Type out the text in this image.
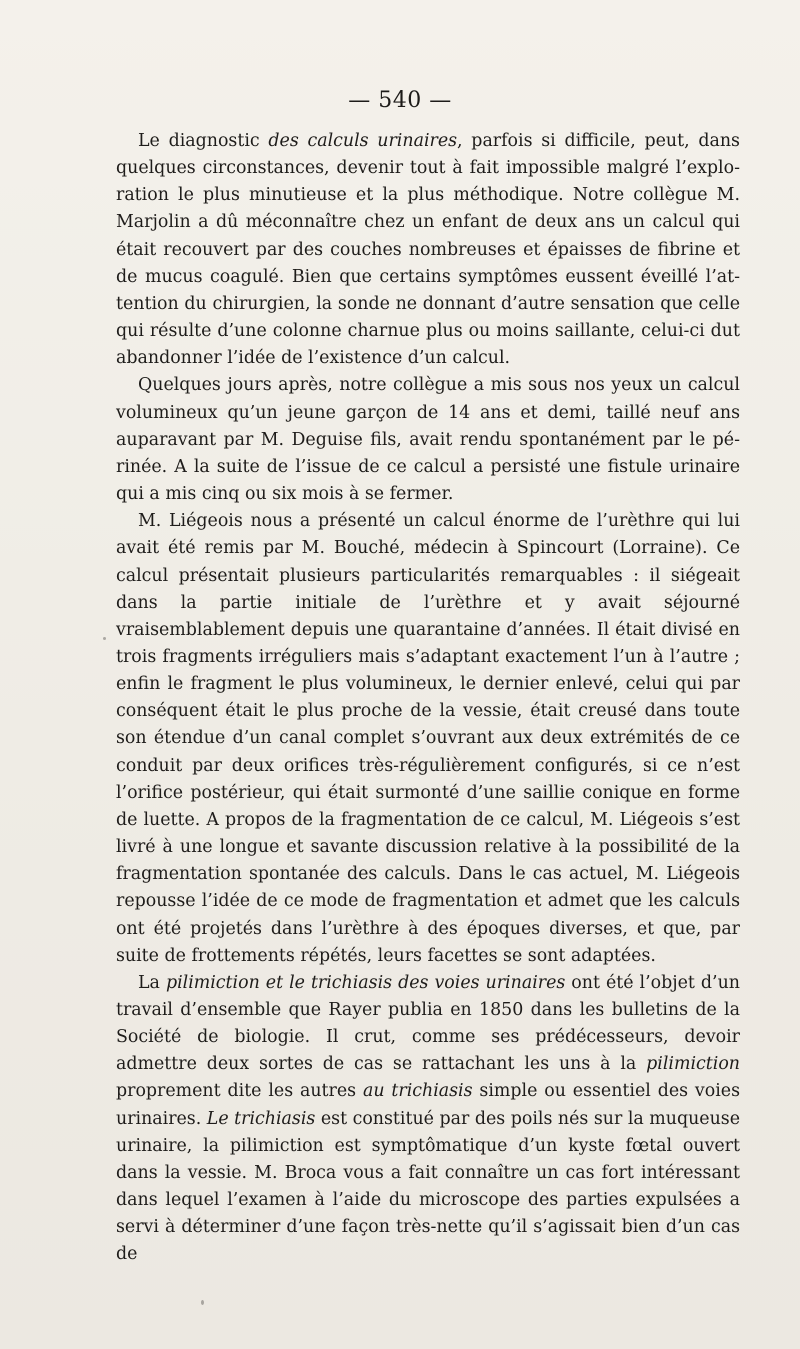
— 540 —

Le diagnostic des calculs urinaires, parfois si difficile, peut, dans quelques circonstances, devenir tout à fait impossible malgré l’exploration le plus minutieuse et la plus méthodique. Notre collègue M. Marjolin a dû méconnaître chez un enfant de deux ans un calcul qui était recouvert par des couches nombreuses et épaisses de fibrine et de mucus coagulé. Bien que certains symptômes eussent éveillé l’attention du chirurgien, la sonde ne donnant d’autre sensation que celle qui résulte d’une colonne charnue plus ou moins saillante, celui-ci dut abandonner l’idée de l’existence d’un calcul.

Quelques jours après, notre collègue a mis sous nos yeux un calcul volumineux qu’un jeune garçon de 14 ans et demi, taillé neuf ans auparavant par M. Deguise fils, avait rendu spontanément par le périnée. A la suite de l’issue de ce calcul a persisté une fistule urinaire qui a mis cinq ou six mois à se fermer.

M. Liégeois nous a présenté un calcul énorme de l’urèthre qui lui avait été remis par M. Bouché, médecin à Spincourt (Lorraine). Ce calcul présentait plusieurs particularités remarquables : il siégeait dans la partie initiale de l’urèthre et y avait séjourné vraisemblablement depuis une quarantaine d’années. Il était divisé en trois fragments irréguliers mais s’adaptant exactement l’un à l’autre ; enfin le fragment le plus volumineux, le dernier enlevé, celui qui par conséquent était le plus proche de la vessie, était creusé dans toute son étendue d’un canal complet s’ouvrant aux deux extrémités de ce conduit par deux orifices très-régulièrement configurés, si ce n’est l’orifice postérieur, qui était surmonté d’une saillie conique en forme de luette. A propos de la fragmentation de ce calcul, M. Liégeois s’est livré à une longue et savante discussion relative à la possibilité de la fragmentation spontanée des calculs. Dans le cas actuel, M. Liégeois repousse l’idée de ce mode de fragmentation et admet que les calculs ont été projetés dans l’urèthre à des époques diverses, et que, par suite de frottements répétés, leurs facettes se sont adaptées.

La pilimiction et le trichiasis des voies urinaires ont été l’objet d’un travail d’ensemble que Rayer publia en 1850 dans les bulletins de la Société de biologie. Il crut, comme ses prédécesseurs, devoir admettre deux sortes de cas se rattachant les uns à la pilimiction proprement dite les autres au trichiasis simple ou essentiel des voies urinaires. Le trichiasis est constitué par des poils nés sur la muqueuse urinaire, la pilimiction est symptômatique d’un kyste fœtal ouvert dans la vessie. M. Broca vous a fait connaître un cas fort intéressant dans lequel l’examen à l’aide du microscope des parties expulsées a servi à déterminer d’une façon très-nette qu’il s’agissait bien d’un cas de
